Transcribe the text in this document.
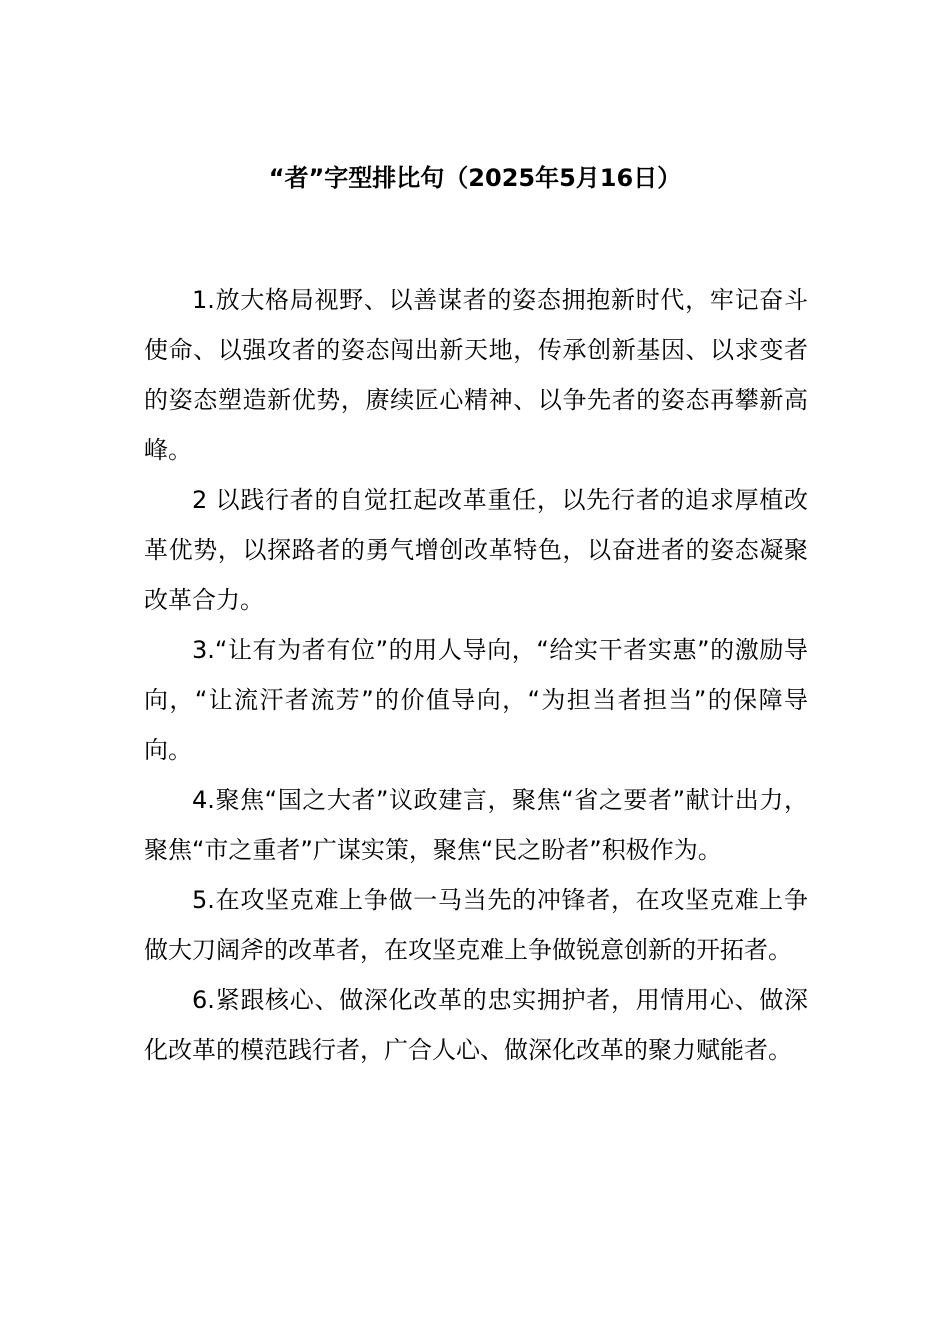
“者”字型排比句（2025年5月16日）

1.放大格局视野、以善谋者的姿态拥抱新时代，牢记奋斗使命、以强攻者的姿态闯出新天地，传承创新基因、以求变者的姿态塑造新优势，赓续匠心精神、以争先者的姿态再攀新高峰。

2 以践行者的自觉扛起改革重任，以先行者的追求厚植改革优势，以探路者的勇气增创改革特色，以奋进者的姿态凝聚改革合力。

3.“让有为者有位”的用人导向，“给实干者实惠”的激励导向，“让流汗者流芳”的价值导向，“为担当者担当”的保障导向。

4.聚焦“国之大者”议政建言，聚焦“省之要者”献计出力，聚焦“市之重者”广谋实策，聚焦“民之盼者”积极作为。

5.在攻坚克难上争做一马当先的冲锋者，在攻坚克难上争做大刀阔斧的改革者，在攻坚克难上争做锐意创新的开拓者。

6.紧跟核心、做深化改革的忠实拥护者，用情用心、做深化改革的模范践行者，广合人心、做深化改革的聚力赋能者。
